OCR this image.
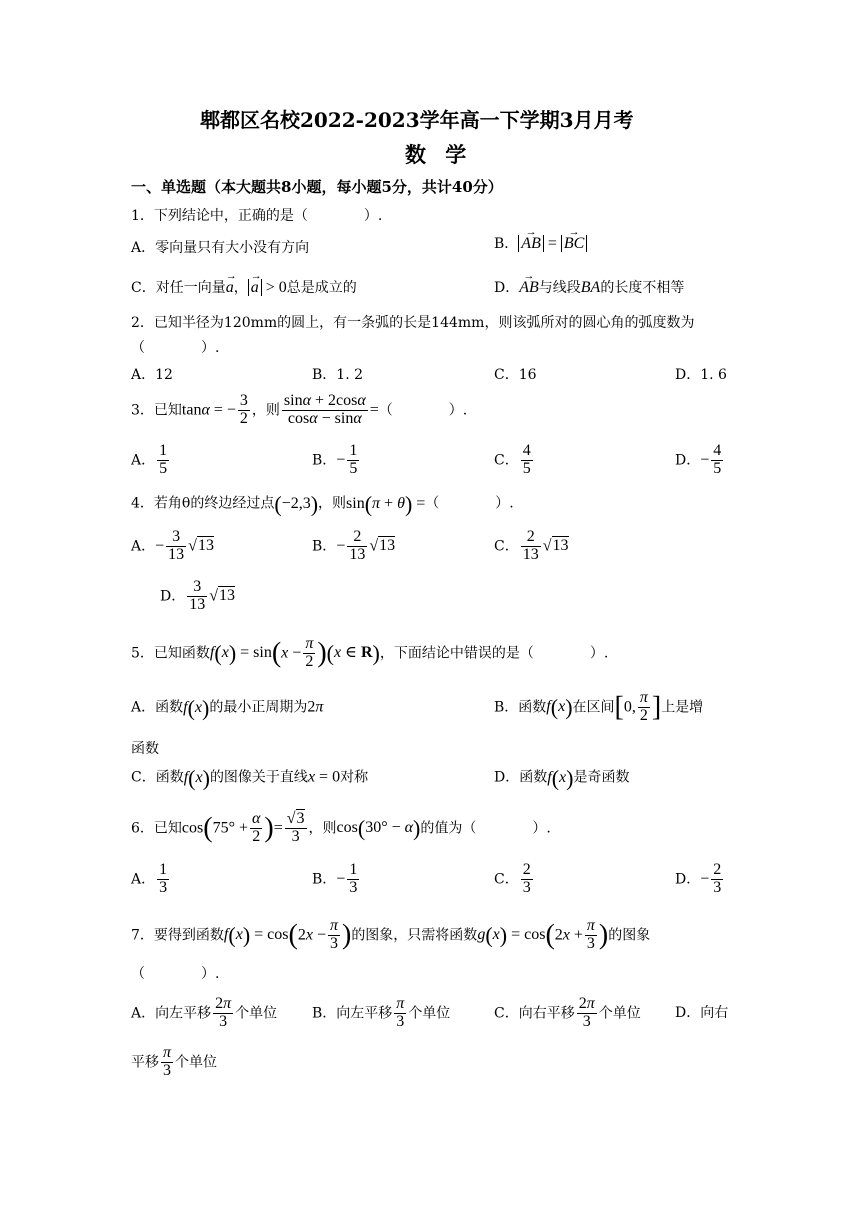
郫都区名校2022-2023学年高一下学期3月月考
数 学
一、单选题（本大题共8小题，每小题5分，共计40分）
1．下列结论中，正确的是（　　　　）.
A．零向量只有大小没有方向	B． → AB = → BC
C．对任一向量→ a， → a > 0总是成立的	D．→ AB与线段BA的长度不相等
2．已知半径为120mm的圆上，有一条弧的长是144mm，则该弧所对的圆心角的弧度数为
（　　　　）.
A．12	B．1. 2	C．16	D．1. 6
3．已知tanα = − $\frac{3}{2}$ ，则 $\frac{\sin\alpha + 2\cos\alpha}{\cos\alpha - \sin\alpha}$ =（　　　　）.
A． $\frac{1}{5}$	B．− $\frac{1}{5}$	C． $\frac{4}{5}$	D．− $\frac{4}{5}$
4．若角θ的终边经过点(−2,3)，则sin(π + θ) =（　　　　）.
A．− $\frac{3}{13} √13$	B．− $\frac{2}{13} √13$	C． $\frac{2}{13} √13$
D． $\frac{3}{13} √13$
5．已知函数$f(x) = \sin(x - \frac{\pi}{2} )(x$ ∈ R)，下面结论中错误的是（　　　　）.
A．函数f(x)的最小正周期为2π	B．函数f(x)在区间[0, $\frac{\pi}{2}$ ]上是增
函数
C．函数f(x)的图像关于直线x = 0对称	D．函数f(x)是奇函数
6．已知$\cos(75^\circ + \frac{\alpha}{2}$ )= $\frac{√3}{3}$ ，则cos(30° − α)的值为（　　　　）.
A． $\frac{1}{3}$	B．− $\frac{1}{3}$	C． $\frac{2}{3}$	D．− $\frac{2}{3}$
7．要得到函数$f(x) = \cos(2x - \frac{\pi}{3}$ )的图象，只需将函数$g(x) = \cos(2x + \frac{\pi}{3}$ )的图象
（　　　　）.
A．向左平移 $\frac{2\pi}{3}$ 个单位 B．向左平移 $\frac{\pi}{3}$ 个单位	C．向右平移 $\frac{2\pi}{3}$ 个单位 D．向右
平移 $\frac{\pi}{3}$ 个单位
